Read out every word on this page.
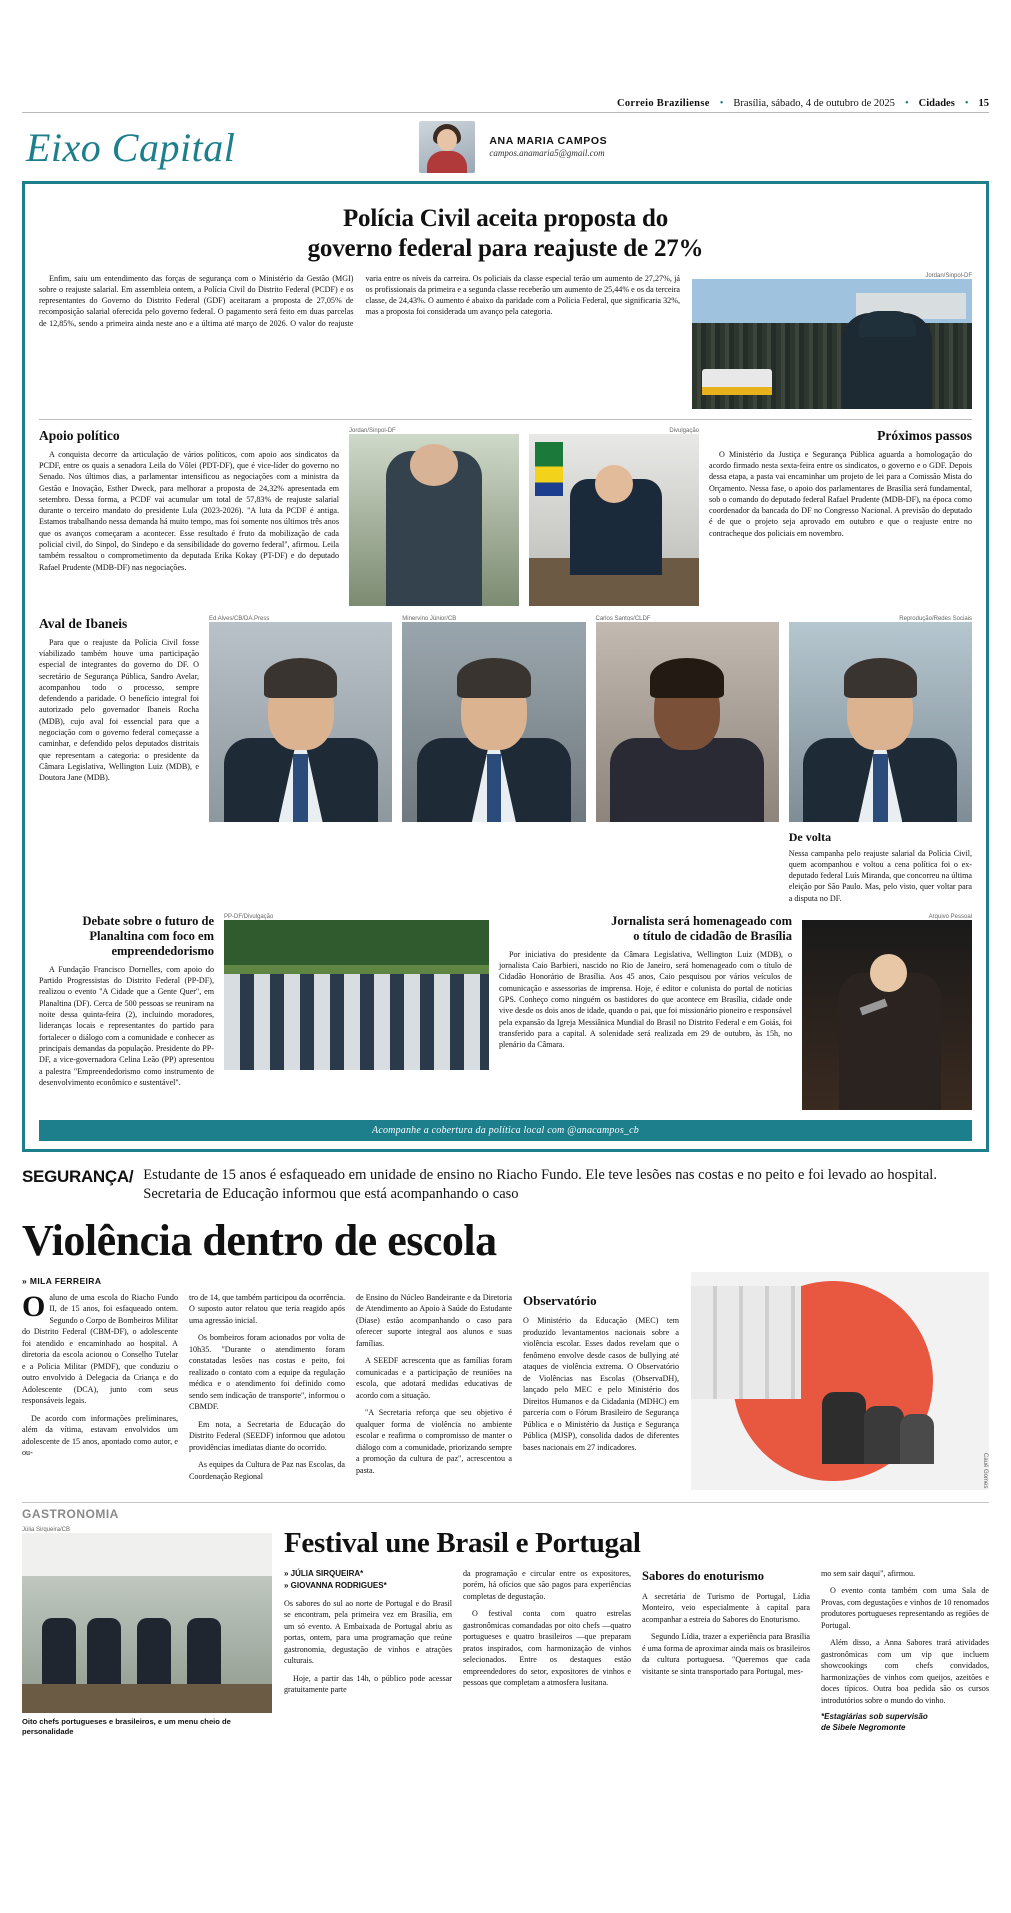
Correio Braziliense • Brasília, sábado, 4 de outubro de 2025 • Cidades • 15
Eixo Capital	ANA MARIA CAMPOS
campos.anamaria5@gmail.com
Polícia Civil aceita proposta do
governo federal para reajuste de 27%

Enfim, saiu um entendimento das forças de segurança com o Ministério da Gestão (MGI) sobre o reajuste salarial. Em assembleia ontem, a Polícia Civil do Distrito Federal (PCDF) e os representantes do Governo do Distrito Federal (GDF) aceitaram a proposta de 27,05% de recomposição salarial oferecida pelo governo federal. O pagamento será feito em duas parcelas de 12,85%, sendo a primeira ainda neste ano e a última até março de 2026. O valor do reajuste varia entre os níveis da carreira. Os policiais da classe especial terão um aumento de 27,27%, já os profissionais da primeira e a segunda classe receberão um aumento de 25,44% e os da terceira classe, de 24,43%. O aumento é abaixo da paridade com a Polícia Federal, que significaria 32%, mas a proposta foi considerada um avanço pela categoria.

Jordan/Sinpol-DF
Apoio político
A conquista decorre da articulação de vários políticos, com apoio aos sindicatos da PCDF, entre os quais a senadora Leila do Vôlei (PDT-DF), que é vice-líder do governo no Senado. Nos últimos dias, a parlamentar intensificou as negociações com a ministra da Gestão e Inovação, Esther Dweck, para melhorar a proposta de 24,32% apresentada em setembro. Dessa forma, a PCDF vai acumular um total de 57,83% de reajuste salarial durante o terceiro mandato do presidente Lula (2023-2026). "A luta da PCDF é antiga. Estamos trabalhando nessa demanda há muito tempo, mas foi somente nos últimos três anos que os avanços começaram a acontecer. Esse resultado é fruto da mobilização de cada policial civil, do Sinpol, do Sindepo e da sensibilidade do governo federal", afirmou. Leila também ressaltou o comprometimento da deputada Erika Kokay (PT-DF) e do deputado Rafael Prudente (MDB-DF) nas negociações.
Jordan/Sinpol-DF	Divulgação	Próximos passos
O Ministério da Justiça e Segurança Pública aguarda a homologação do acordo firmado nesta sexta-feira entre os sindicatos, o governo e o GDF. Depois dessa etapa, a pasta vai encaminhar um projeto de lei para a Comissão Mista do Orçamento. Nessa fase, o apoio dos parlamentares de Brasília será fundamental, sob o comando do deputado federal Rafael Prudente (MDB-DF), na época como coordenador da bancada do DF no Congresso Nacional. A previsão do deputado é de que o projeto seja aprovado em outubro e que o reajuste entre no contracheque dos policiais em novembro.
Aval de Ibaneis
Para que o reajuste da Polícia Civil fosse viabilizado também houve uma participação especial de integrantes do governo do DF. O secretário de Segurança Pública, Sandro Avelar, acompanhou todo o processo, sempre defendendo a paridade. O benefício integral foi autorizado pelo governador Ibaneis Rocha (MDB), cujo aval foi essencial para que a negociação com o governo federal começasse a caminhar, e defendido pelos deputados distritais que representam a categoria: o presidente da Câmara Legislativa, Wellington Luiz (MDB), e Doutora Jane (MDB).
Ed Alves/CB/DA.Press	Minervino Júnior/CB	Carlos Santos/CLDF	Reprodução/Redes Sociais
De volta

Nessa campanha pelo reajuste salarial da Polícia Civil, quem acompanhou e voltou a cena política foi o ex-deputado federal Luís Miranda, que concorreu na última eleição por São Paulo. Mas, pelo visto, quer voltar para a disputa no DF.

Debate sobre o futuro de
Planaltina com foco em
empreendedorismo
A Fundação Francisco Dornelles, com apoio do Partido Progressistas do Distrito Federal (PP-DF), realizou o evento "A Cidade que a Gente Quer", em Planaltina (DF). Cerca de 500 pessoas se reuniram na noite dessa quinta-feira (2), incluindo moradores, lideranças locais e representantes do partido para fortalecer o diálogo com a comunidade e conhecer as principais demandas da população. Presidente do PP-DF, a vice-governadora Celina Leão (PP) apresentou a palestra "Empreendedorismo como instrumento de desenvolvimento econômico e sustentável".
PP-DF/Divulgação	Jornalista será homenageado com
o título de cidadão de Brasília
Por iniciativa do presidente da Câmara Legislativa, Wellington Luiz (MDB), o jornalista Caio Barbieri, nascido no Rio de Janeiro, será homenageado com o título de Cidadão Honorário de Brasília. Aos 45 anos, Caio pesquisou por vários veículos de comunicação e assessorias de imprensa. Hoje, é editor e colunista do portal de notícias GPS. Conheço como ninguém os bastidores do que acontece em Brasília, cidade onde vive desde os dois anos de idade, quando o pai, que foi missionário pioneiro e responsável pela expansão da Igreja Messiânica Mundial do Brasil no Distrito Federal e em Goiás, foi transferido para a capital. A solenidade será realizada em 29 de outubro, às 15h, no plenário da Câmara.
Arquivo Pessoal
Acompanhe a cobertura da política local com @anacampos_cb
SEGURANÇA/ Estudante de 15 anos é esfaqueado em unidade de ensino no Riacho Fundo. Ele teve lesões nas costas e no peito e foi levado ao hospital. Secretaria de Educação informou que está acompanhando o caso
Violência dentro de escola
» MILA FERREIRA

Oaluno de uma escola do Riacho Fundo II, de 15 anos, foi esfaqueado ontem. Segundo o Corpo de Bombeiros Militar do Distrito Federal (CBM-DF), o adolescente foi atendido e encaminhado ao hospital. A diretoria da escola acionou o Conselho Tutelar e a Polícia Militar (PMDF), que conduziu o outro envolvido à Delegacia da Criança e do Adolescente (DCA), junto com seus responsáveis legais.

De acordo com informações preliminares, além da vítima, estavam envolvidos um adolescente de 15 anos, apontado como autor, e ou-

tro de 14, que também participou da ocorrência. O suposto autor relatou que teria reagido após uma agressão inicial.

Os bombeiros foram acionados por volta de 10h35. "Durante o atendimento foram constatadas lesões nas costas e peito, foi realizado o contato com a equipe da regulação médica e o atendimento foi definido como sendo sem indicação de transporte", informou o CBMDF.

Em nota, a Secretaria de Educação do Distrito Federal (SEEDF) informou que adotou providências imediatas diante do ocorrido.

As equipes da Cultura de Paz nas Escolas, da Coordenação Regional

de Ensino do Núcleo Bandeirante e da Diretoria de Atendimento ao Apoio à Saúde do Estudante (Diase) estão acompanhando o caso para oferecer suporte integral aos alunos e suas famílias.

A SEEDF acrescenta que as famílias foram comunicadas e a participação de reuniões na escola, que adotará medidas educativas de acordo com a situação.

"A Secretaria reforça que seu objetivo é qualquer forma de violência no ambiente escolar e reafirma o compromisso de manter o diálogo com a comunidade, priorizando sempre a promoção da cultura de paz", acrescentou a pasta.

Observatório

O Ministério da Educação (MEC) tem produzido levantamentos nacionais sobre a violência escolar. Esses dados revelam que o fenômeno envolve desde casos de bullying até ataques de violência extrema. O Observatório de Violências nas Escolas (ObservaDH), lançado pelo MEC e pelo Ministério dos Direitos Humanos e da Cidadania (MDHC) em parceria com o Fórum Brasileiro de Segurança Pública e o Ministério da Justiça e Segurança Pública (MJSP), consolida dados de diferentes bases nacionais em 27 indicadores.

Cauê Gomes
GASTRONOMIA
Júlia Sirqueira/CB
Oito chefs portugueses e brasileiros, e um menu cheio de personalidade
Festival une Brasil e Portugal
» JÚLIA SIRQUEIRA*
» GIOVANNA RODRIGUES*

Os sabores do sul ao norte de Portugal e do Brasil se encontram, pela primeira vez em Brasília, em um só evento. A Embaixada de Portugal abriu as portas, ontem, para uma programação que reúne gastronomia, degustação de vinhos e atrações culturais.

Hoje, a partir das 14h, o público pode acessar gratuitamente parte

da programação e circular entre os expositores, porém, há ofícios que são pagos para experiências completas de degustação.

O festival conta com quatro estrelas gastronômicas comandadas por oito chefs —quatro portugueses e quatro brasileiros —que preparam pratos inspirados, com harmonização de vinhos selecionados. Entre os destaques estão empreendedores do setor, expositores de vinhos e pessoas que completam a atmosfera lusitana.

Sabores do enoturismo

A secretária de Turismo de Portugal, Lídia Monteiro, veio especialmente à capital para acompanhar a estreia do Sabores do Enoturismo.

Segundo Lídia, trazer a experiência para Brasília é uma forma de aproximar ainda mais os brasileiros da cultura portuguesa. "Queremos que cada visitante se sinta transportado para Portugal, mes-

mo sem sair daqui", afirmou.

O evento conta também com uma Sala de Provas, com degustações e vinhos de 10 renomados produtores portugueses representando as regiões de Portugal.

Além disso, a Anna Sabores trará atividades gastronômicas com um vip que incluem showcookings com chefs convidados, harmonizações de vinhos com queijos, azeitões e doces típicos. Outra boa pedida são os cursos introdutórios sobre o mundo do vinho.

*Estagiárias sob supervisão
de Sibele Negromonte
